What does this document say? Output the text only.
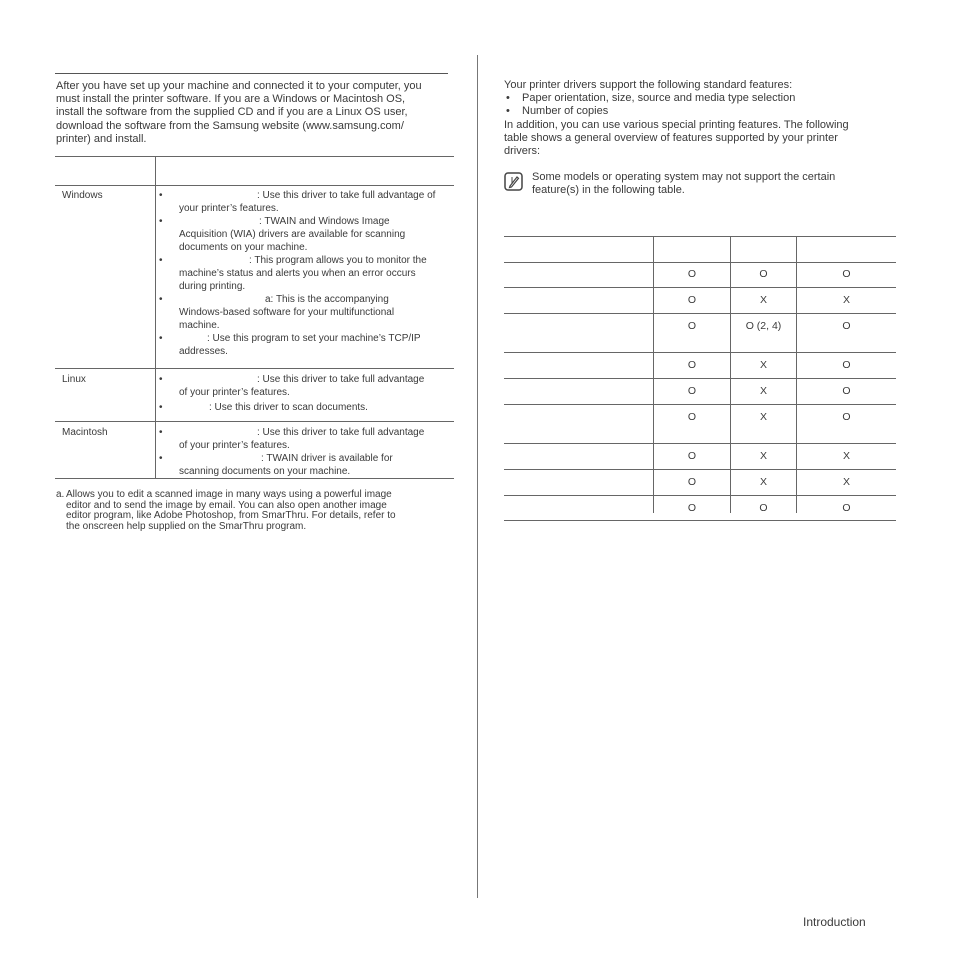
After you have set up your machine and connected it to your computer, you
must install the printer software. If you are a Windows or Macintosh OS,
install the software from the supplied CD and if you are a Linux OS user,
download the software from the Samsung website (www.samsung.com/
printer) and install.
Windows	•	: Use this driver to take full advantage of
your printer’s features.
•	: TWAIN and Windows Image
Acquisition (WIA) drivers are available for scanning
documents on your machine.
•	: This program allows you to monitor the
machine’s status and alerts you when an error occurs
during printing.
•	a: This is the accompanying
Windows-based software for your multifunctional
machine.
•	: Use this program to set your machine’s TCP/IP
addresses.
Linux	•	: Use this driver to take full advantage
of your printer’s features.
•	: Use this driver to scan documents.
Macintosh	•	: Use this driver to take full advantage
of your printer’s features.
•	: TWAIN driver is available for
scanning documents on your machine.
a. Allows you to edit a scanned image in many ways using a powerful image
editor and to send the image by email. You can also open another image
editor program, like Adobe Photoshop, from SmarThru. For details, refer to
the onscreen help supplied on the SmarThru program.
Your printer drivers support the following standard features:
• Paper orientation, size, source and media type selection
• Number of copies
In addition, you can use various special printing features. The following
table shows a general overview of features supported by your printer
drivers:
Some models or operating system may not support the certain
feature(s) in the following table.
O	O	O
O	X	X
O	O (2, 4)	O
O	X	O
O	X	O
O	X	O
O	X	X
O	X	X
O	O	O
Introduction
